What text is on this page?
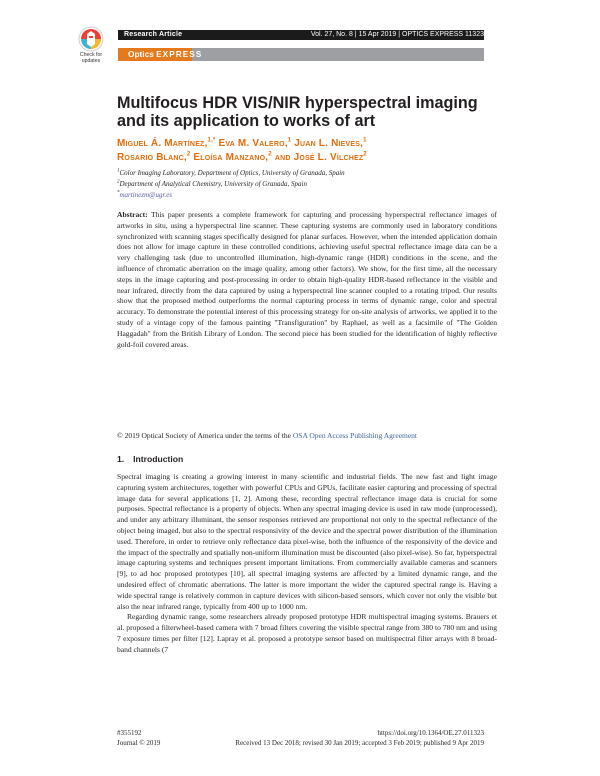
Check for
updates
Research Article	Vol. 27, No. 8 | 15 Apr 2019 | OPTICS EXPRESS 11323
Optics EXPRESS
Multifocus HDR VIS/NIR hyperspectral imaging and its application to works of art
Miguel Á. Martínez,$^{1,*}$ Eva M. Valero,$^1$ Juan L. Nieves,$^1$
Rosario Blanc,$^2$ Eloísa Manzano,$^2$ and José L. Vílchez$^2$
$^1$Color Imaging Laboratory, Department of Optics, University of Granada, Spain
$^2$Department of Analytical Chemistry, University of Granada, Spain
*martinezm@ugr.es
Abstract: This paper presents a complete framework for capturing and processing hyperspectral reflectance images of artworks in situ, using a hyperspectral line scanner. These capturing systems are commonly used in laboratory conditions synchronized with scanning stages specifically designed for planar surfaces. However, when the intended application domain does not allow for image capture in these controlled conditions, achieving useful spectral reflectance image data can be a very challenging task (due to uncontrolled illumination, high-dynamic range (HDR) conditions in the scene, and the influence of chromatic aberration on the image quality, among other factors). We show, for the first time, all the necessary steps in the image capturing and post-processing in order to obtain high-quality HDR-based reflectance in the visible and near infrared, directly from the data captured by using a hyperspectral line scanner coupled to a rotating tripod. Our results show that the proposed method outperforms the normal capturing process in terms of dynamic range, color and spectral accuracy. To demonstrate the potential interest of this processing strategy for on-site analysis of artworks, we applied it to the study of a vintage copy of the famous painting "Transfiguration" by Raphael, as well as a facsimile of "The Golden Haggadah" from the British Library of London. The second piece has been studied for the identification of highly reflective gold-foil covered areas.
© 2019 Optical Society of America under the terms of the OSA Open Access Publishing Agreement
1. Introduction

Spectral imaging is creating a growing interest in many scientific and industrial fields. The new fast and light image capturing system architectures, together with powerful CPUs and GPUs, facilitate easier capturing and processing of spectral image data for several applications [1, 2]. Among these, recording spectral reflectance image data is crucial for some purposes. Spectral reflectance is a property of objects. When any spectral imaging device is used in raw mode (unprocessed), and under any arbitrary illuminant, the sensor responses retrieved are proportional not only to the spectral reflectance of the object being imaged, but also to the spectral responsivity of the device and the spectral power distribution of the illumination used. Therefore, in order to retrieve only reflectance data pixel-wise, both the influence of the responsivity of the device and the impact of the spectrally and spatially non-uniform illumination must be discounted (also pixel-wise). So far, hyperspectral image capturing systems and techniques present important limitations. From commercially available cameras and scanners [9], to ad hoc proposed prototypes [10], all spectral imaging systems are affected by a limited dynamic range, and the undesired effect of chromatic aberrations. The latter is more important the wider the captured spectral range is. Having a wide spectral range is relatively common in capture devices with silicon-based sensors, which cover not only the visible but also the near infrared range, typically from 400 up to 1000 nm.

Regarding dynamic range, some researchers already proposed prototype HDR multispectral imaging systems. Brauers et al. proposed a filterwheel-based camera with 7 broad filters covering the visible spectral range from 380 to 780 nm and using 7 exposure times per filter [12]. Lapray et al. proposed a prototype sensor based on multispectral filter arrays with 8 broad-band channels (7

#355192
Journal © 2019
https://doi.org/10.1364/OE.27.011323
Received 13 Dec 2018; revised 30 Jan 2019; accepted 3 Feb 2019; published 9 Apr 2019
